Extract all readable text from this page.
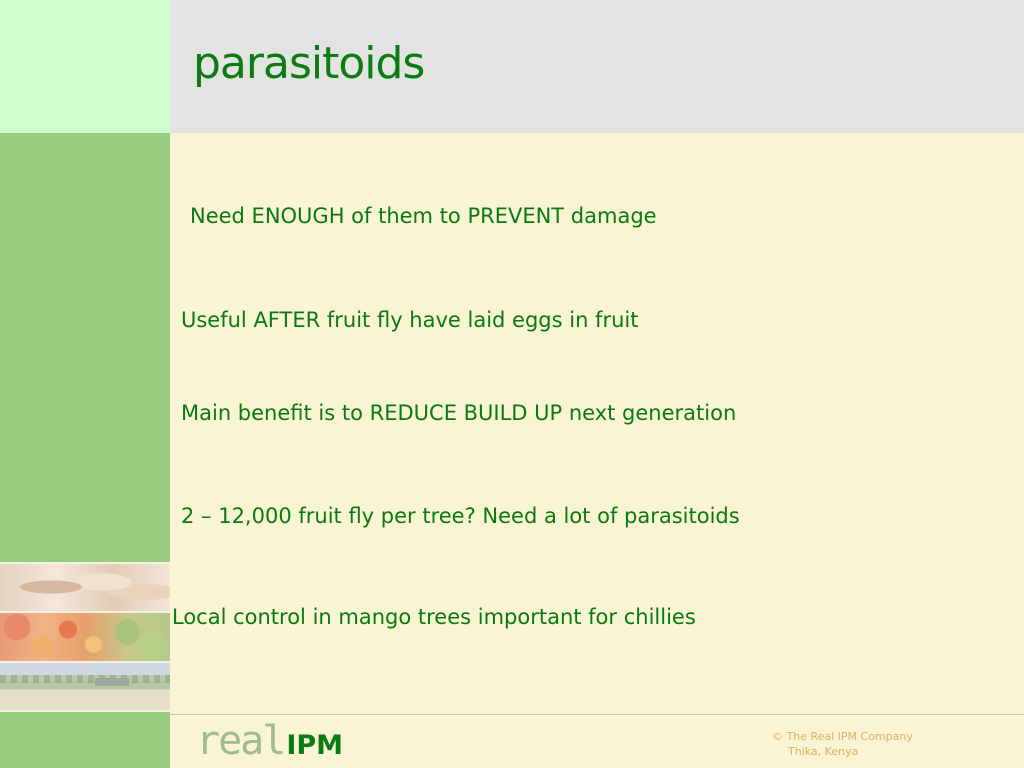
parasitoids
Need ENOUGH of them to PREVENT damage
Useful AFTER fruit fly have laid eggs in fruit
Main benefit is to REDUCE BUILD UP next generation
2 – 12,000 fruit fly per tree? Need a lot of parasitoids
Local control in mango trees important for chillies
real IPM	© The Real IPM Company
Thika, Kenya
